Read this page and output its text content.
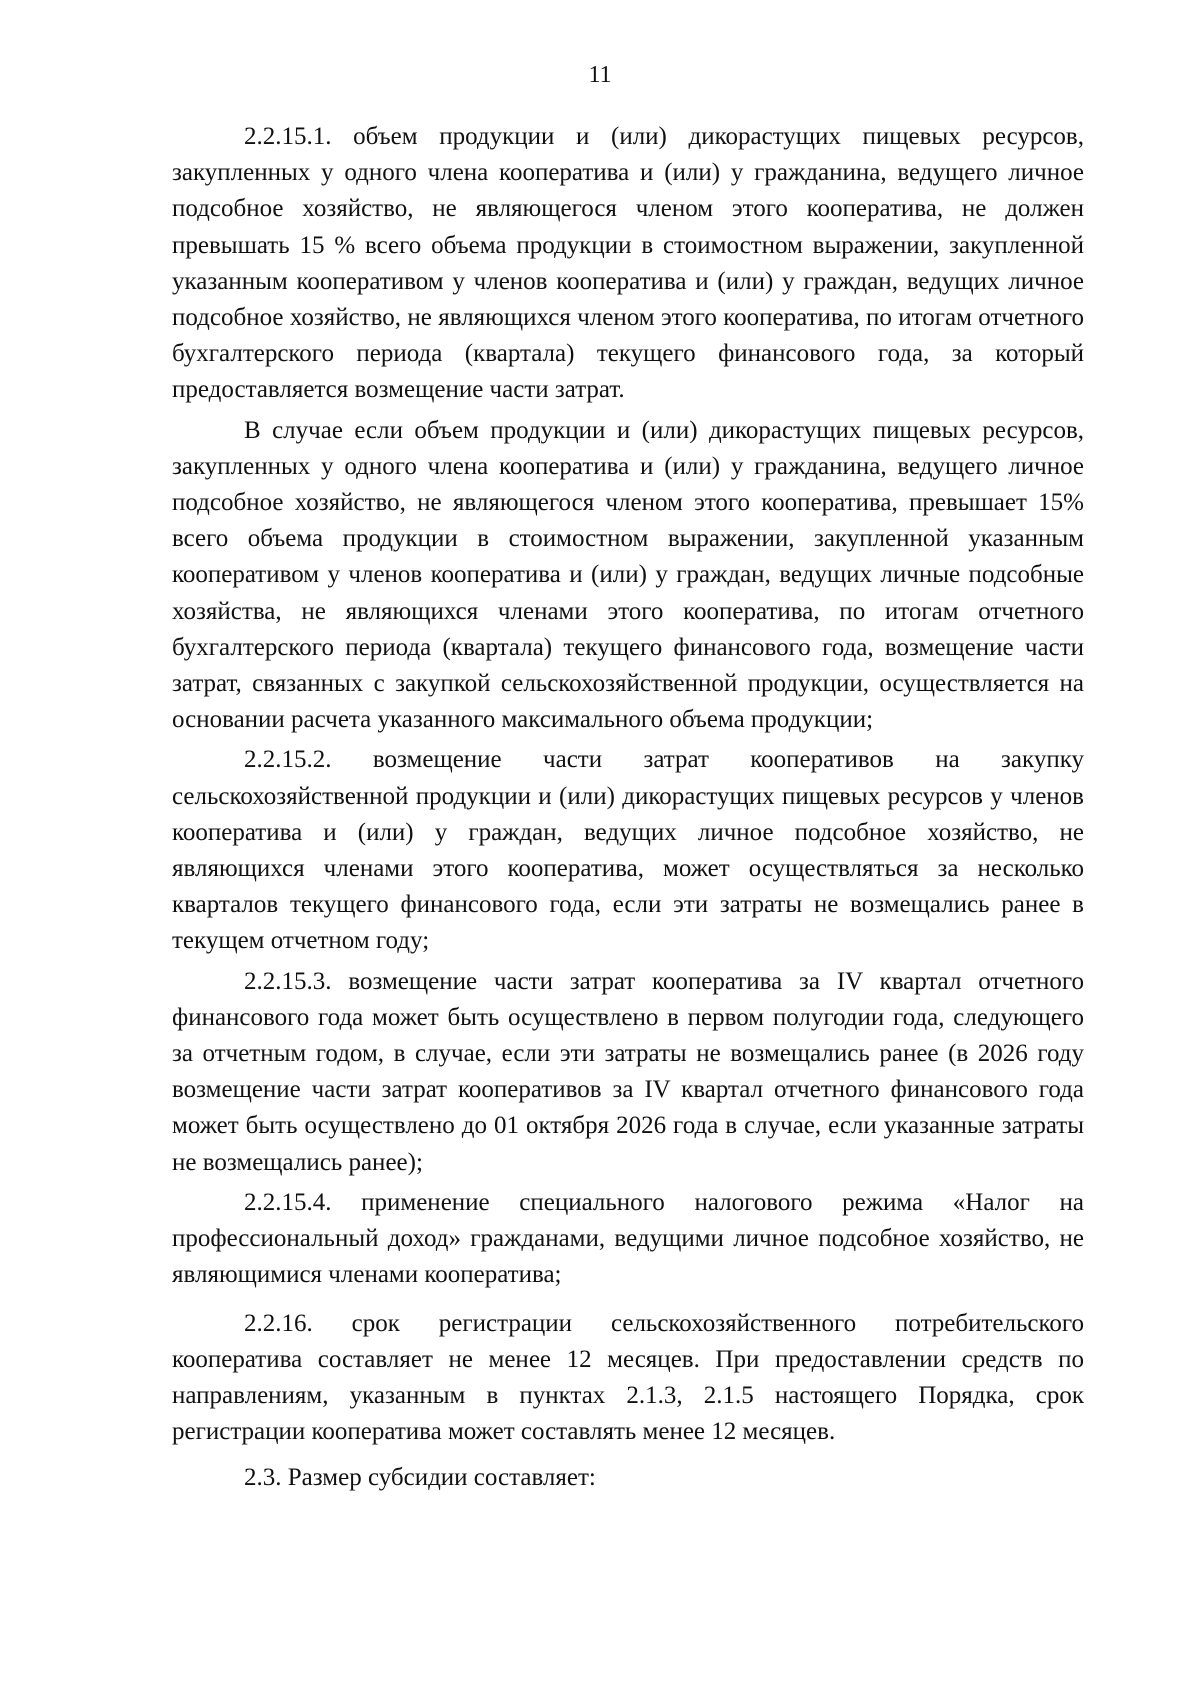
11

2.2.15.1. объем продукции и (или) дикорастущих пищевых ресурсов, закупленных у одного члена кооператива и (или) у гражданина, ведущего личное подсобное хозяйство, не являющегося членом этого кооператива, не должен превышать 15 % всего объема продукции в стоимостном выражении, закупленной указанным кооперативом у членов кооператива и (или) у граждан, ведущих личное подсобное хозяйство, не являющихся членом этого кооператива, по итогам отчетного бухгалтерского периода (квартала) текущего финансового года, за который предоставляется возмещение части затрат.

В случае если объем продукции и (или) дикорастущих пищевых ресурсов, закупленных у одного члена кооператива и (или) у гражданина, ведущего личное подсобное хозяйство, не являющегося членом этого кооператива, превышает 15% всего объема продукции в стоимостном выражении, закупленной указанным кооперативом у членов кооператива и (или) у граждан, ведущих личные подсобные хозяйства, не являющихся членами этого кооператива, по итогам отчетного бухгалтерского периода (квартала) текущего финансового года, возмещение части затрат, связанных с закупкой сельскохозяйственной продукции, осуществляется на основании расчета указанного максимального объема продукции;

2.2.15.2. возмещение части затрат кооперативов на закупку сельскохозяйственной продукции и (или) дикорастущих пищевых ресурсов у членов кооператива и (или) у граждан, ведущих личное подсобное хозяйство, не являющихся членами этого кооператива, может осуществляться за несколько кварталов текущего финансового года, если эти затраты не возмещались ранее в текущем отчетном году;

2.2.15.3. возмещение части затрат кооператива за IV квартал отчетного финансового года может быть осуществлено в первом полугодии года, следующего за отчетным годом, в случае, если эти затраты не возмещались ранее (в 2026 году возмещение части затрат кооперативов за IV квартал отчетного финансового года может быть осуществлено до 01 октября 2026 года в случае, если указанные затраты не возмещались ранее);

2.2.15.4. применение специального налогового режима «Налог на профессиональный доход» гражданами, ведущими личное подсобное хозяйство, не являющимися членами кооператива;

2.2.16. срок регистрации сельскохозяйственного потребительского кооператива составляет не менее 12 месяцев. При предоставлении средств по направлениям, указанным в пунктах 2.1.3, 2.1.5 настоящего Порядка, срок регистрации кооператива может составлять менее 12 месяцев.

2.3. Размер субсидии составляет:
